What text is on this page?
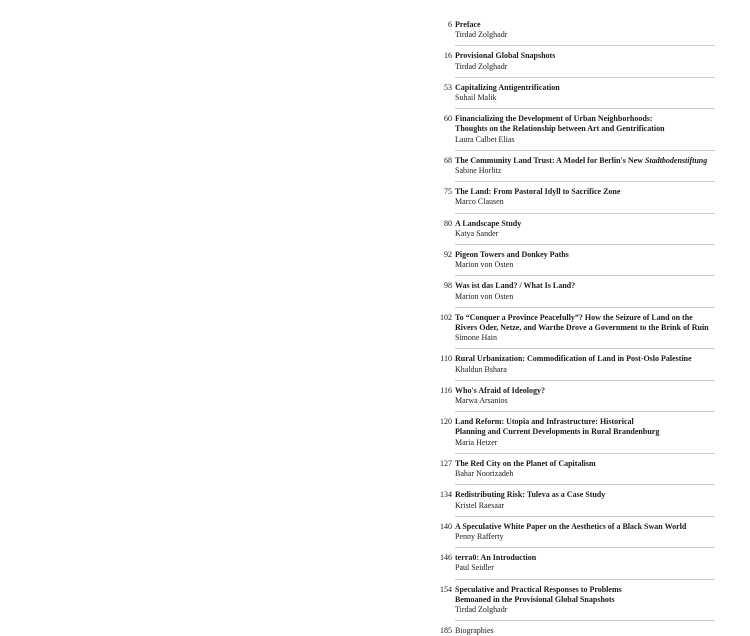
6 Preface
Tirdad Zolghadr
16 Provisional Global Snapshots
Tirdad Zolghadr
53 Capitalizing Antigentrification
Suhail Malik
60 Financializing the Development of Urban Neighborhoods:
Thoughts on the Relationship between Art and Gentrification
Laura Calbet Elias
68 The Community Land Trust: A Model for Berlin's New Stadtbodenstiftung
Sabine Horlitz
75 The Land: From Pastoral Idyll to Sacrifice Zone
Marco Clausen
80 A Landscape Study
Katya Sander
92 Pigeon Towers and Donkey Paths
Marion von Osten
98 Was ist das Land? / What Is Land?
Marion von Osten
102 To “Conquer a Province Peacefully”? How the Seizure of Land on the
Rivers Oder, Netze, and Warthe Drove a Government to the Brink of Ruin
Simone Hain
110 Rural Urbanization: Commodification of Land in Post-Oslo Palestine
Khaldun Bshara
116 Who's Afraid of Ideology?
Marwa Arsanios
120 Land Reform: Utopia and Infrastructure: Historical
Planning and Current Developments in Rural Brandenburg
Maria Hetzer
127 The Red City on the Planet of Capitalism
Bahar Noorizadeh
134 Redistributing Risk: Tuleva as a Case Study
Kristel Raesaar
140 A Speculative White Paper on the Aesthetics of a Black Swan World
Penny Rafferty
146 terra0: An Introduction
Paul Seidler
154 Speculative and Practical Responses to Problems
Bemoaned in the Provisional Global Snapshots
Tirdad Zolghadr
185 Biographies
